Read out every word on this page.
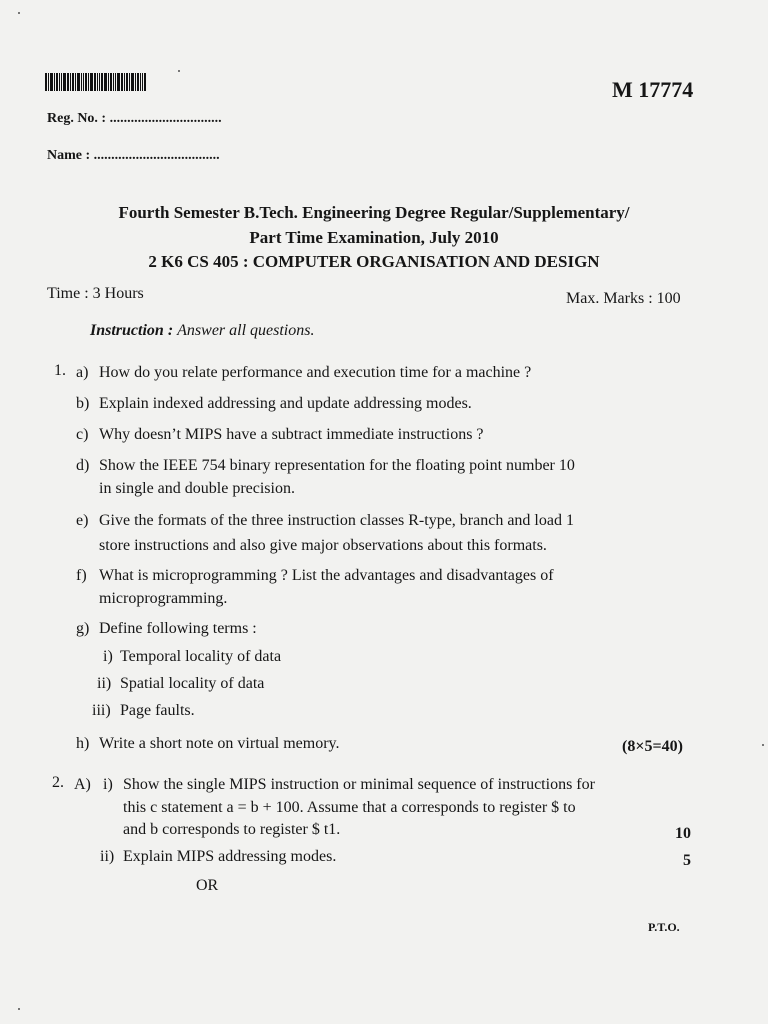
M 17774
Reg. No. : ................................
Name : ....................................
Fourth Semester B.Tech. Engineering Degree Regular/Supplementary/
Part Time Examination, July 2010
2 K6 CS 405 : COMPUTER ORGANISATION AND DESIGN
Time : 3 Hours	Max. Marks : 100
Instruction : Answer all questions.
1. a) How do you relate performance and execution time for a machine ?
b) Explain indexed addressing and update addressing modes.
c) Why doesn’t MIPS have a subtract immediate instructions ?
d) Show the IEEE 754 binary representation for the floating point number 10
in single and double precision.
e) Give the formats of the three instruction classes R-type, branch and load 1
store instructions and also give major observations about this formats.
f) What is microprogramming ? List the advantages and disadvantages of
microprogramming.
g) Define following terms :
i) Temporal locality of data
ii) Spatial locality of data
iii) Page faults.
h) Write a short note on virtual memory.	(8×5=40)
2. A) i) Show the single MIPS instruction or minimal sequence of instructions for
this c statement a = b + 100. Assume that a corresponds to register $ to
and b corresponds to register $ t1.	10
ii) Explain MIPS addressing modes.	5
OR
P.T.O.
